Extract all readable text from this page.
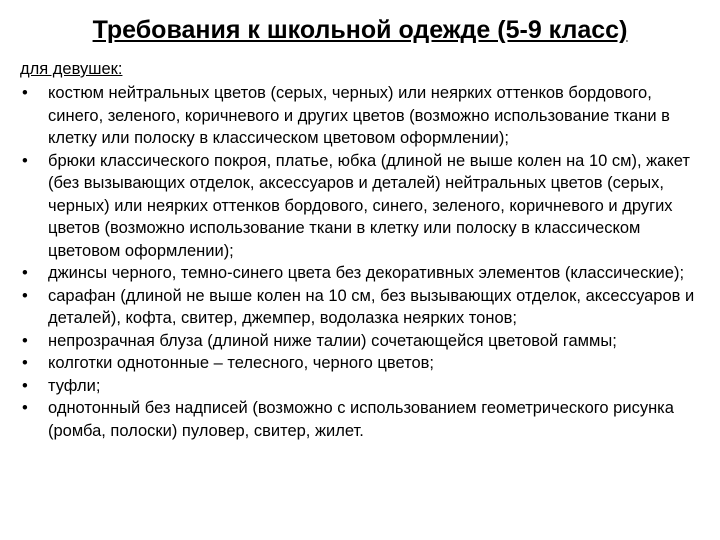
Требования к школьной одежде (5-9 класс)

для девушек:

•	костюм нейтральных цветов (серых, черных) или неярких оттенков бордового, синего, зеленого, коричневого и других цветов (возможно использование ткани в клетку или полоску в классическом цветовом оформлении);
•	брюки классического покроя, платье, юбка (длиной не выше колен на 10 см), жакет (без вызывающих отделок, аксессуаров и деталей) нейтральных цветов (серых, черных) или неярких оттенков бордового, синего, зеленого, коричневого и других цветов (возможно использование ткани в клетку или полоску в классическом цветовом оформлении);
•	джинсы черного, темно-синего цвета без декоративных элементов (классические);
•	сарафан (длиной не выше колен на 10 см, без вызывающих отделок, аксессуаров и деталей), кофта, свитер, джемпер, водолазка неярких тонов;
•	непрозрачная блуза (длиной ниже талии) сочетающейся цветовой гаммы;
•	колготки однотонные – телесного, черного цветов;
•	туфли;
•	однотонный без надписей (возможно с использованием геометрического рисунка (ромба, полоски) пуловер, свитер, жилет.
